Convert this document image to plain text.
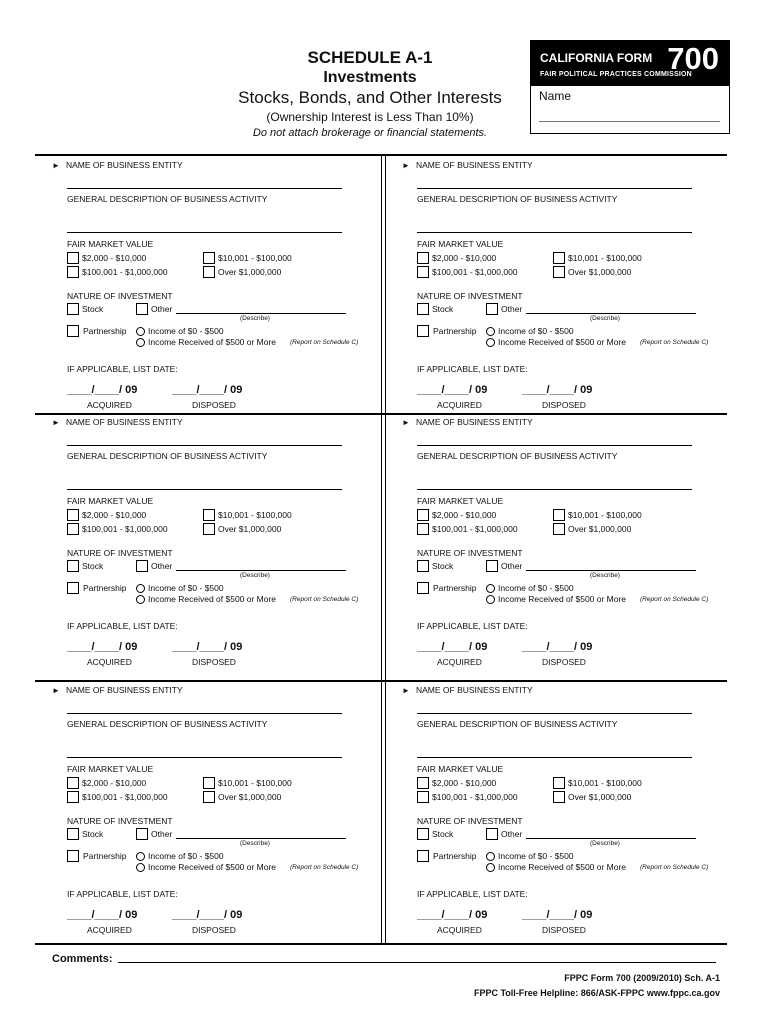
SCHEDULE A-1
Investments
Stocks, Bonds, and Other Interests
(Ownership Interest is Less Than 10%)
Do not attach brokerage or financial statements.
CALIFORNIA FORM 700
FAIR POLITICAL PRACTICES COMMISSION
Name
► NAME OF BUSINESS ENTITY
GENERAL DESCRIPTION OF BUSINESS ACTIVITY
FAIR MARKET VALUE
$2,000 - $10,000	$10,001 - $100,000
$100,001 - $1,000,000	Over $1,000,000
NATURE OF INVESTMENT
Stock	Other
(Describe)
Partnership	Income of $0 - $500
Income Received of $500 or More (Report on Schedule C)
IF APPLICABLE, LIST DATE:
____/____/ 09	____/____/ 09
ACQUIRED	DISPOSED
► NAME OF BUSINESS ENTITY
GENERAL DESCRIPTION OF BUSINESS ACTIVITY
FAIR MARKET VALUE
$2,000 - $10,000	$10,001 - $100,000
$100,001 - $1,000,000	Over $1,000,000
NATURE OF INVESTMENT
Stock	Other
(Describe)
Partnership	Income of $0 - $500
Income Received of $500 or More (Report on Schedule C)
IF APPLICABLE, LIST DATE:
____/____/ 09	____/____/ 09
ACQUIRED	DISPOSED
► NAME OF BUSINESS ENTITY
GENERAL DESCRIPTION OF BUSINESS ACTIVITY
FAIR MARKET VALUE
$2,000 - $10,000	$10,001 - $100,000
$100,001 - $1,000,000	Over $1,000,000
NATURE OF INVESTMENT
Stock	Other
(Describe)
Partnership	Income of $0 - $500
Income Received of $500 or More (Report on Schedule C)
IF APPLICABLE, LIST DATE:
____/____/ 09	____/____/ 09
ACQUIRED	DISPOSED
► NAME OF BUSINESS ENTITY
GENERAL DESCRIPTION OF BUSINESS ACTIVITY
FAIR MARKET VALUE
$2,000 - $10,000	$10,001 - $100,000
$100,001 - $1,000,000	Over $1,000,000
NATURE OF INVESTMENT
Stock	Other
(Describe)
Partnership	Income of $0 - $500
Income Received of $500 or More (Report on Schedule C)
IF APPLICABLE, LIST DATE:
____/____/ 09	____/____/ 09
ACQUIRED	DISPOSED
► NAME OF BUSINESS ENTITY
GENERAL DESCRIPTION OF BUSINESS ACTIVITY
FAIR MARKET VALUE
$2,000 - $10,000	$10,001 - $100,000
$100,001 - $1,000,000	Over $1,000,000
NATURE OF INVESTMENT
Stock	Other
(Describe)
Partnership	Income of $0 - $500
Income Received of $500 or More (Report on Schedule C)
IF APPLICABLE, LIST DATE:
____/____/ 09	____/____/ 09
ACQUIRED	DISPOSED
► NAME OF BUSINESS ENTITY
GENERAL DESCRIPTION OF BUSINESS ACTIVITY
FAIR MARKET VALUE
$2,000 - $10,000	$10,001 - $100,000
$100,001 - $1,000,000	Over $1,000,000
NATURE OF INVESTMENT
Stock	Other
(Describe)
Partnership	Income of $0 - $500
Income Received of $500 or More (Report on Schedule C)
IF APPLICABLE, LIST DATE:
____/____/ 09	____/____/ 09
ACQUIRED	DISPOSED
Comments:
FPPC Form 700 (2009/2010) Sch. A-1
FPPC Toll-Free Helpline: 866/ASK-FPPC www.fppc.ca.gov
